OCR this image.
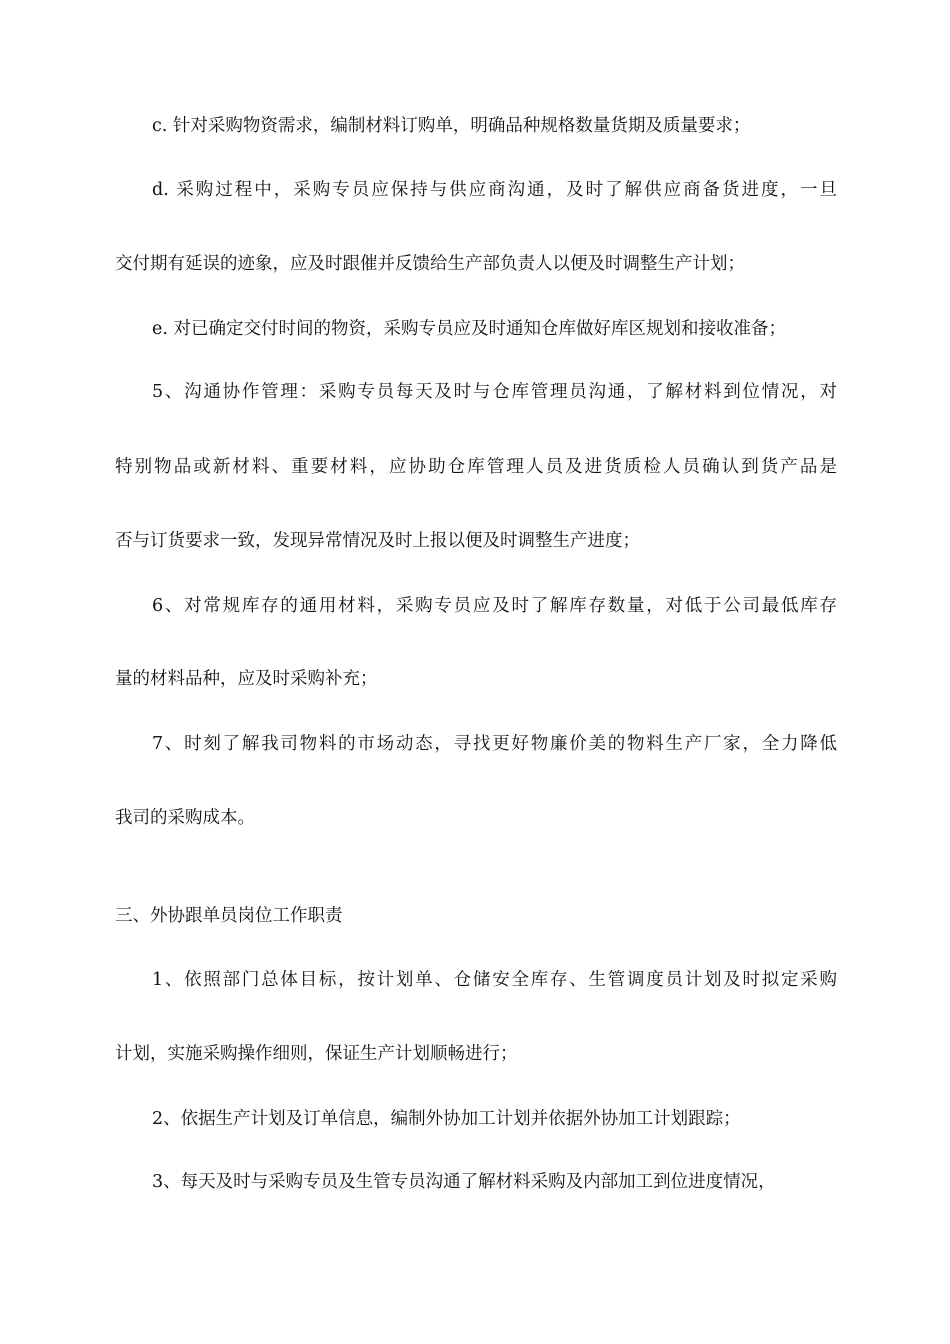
c. 针对采购物资需求，编制材料订购单，明确品种规格数量货期及质量要求；
d. 采购过程中，采购专员应保持与供应商沟通，及时了解供应商备货进度，一旦
交付期有延误的迹象，应及时跟催并反馈给生产部负责人以便及时调整生产计划；
e. 对已确定交付时间的物资，采购专员应及时通知仓库做好库区规划和接收准备；
5、沟通协作管理：采购专员每天及时与仓库管理员沟通，了解材料到位情况，对
特别物品或新材料、重要材料，应协助仓库管理人员及进货质检人员确认到货产品是
否与订货要求一致，发现异常情况及时上报以便及时调整生产进度；
6、对常规库存的通用材料，采购专员应及时了解库存数量，对低于公司最低库存
量的材料品种，应及时采购补充；
7、时刻了解我司物料的市场动态，寻找更好物廉价美的物料生产厂家，全力降低
我司的采购成本。
三、外协跟单员岗位工作职责
1、依照部门总体目标，按计划单、仓储安全库存、生管调度员计划及时拟定采购
计划，实施采购操作细则，保证生产计划顺畅进行；
2、依据生产计划及订单信息，编制外协加工计划并依据外协加工计划跟踪；
3、每天及时与采购专员及生管专员沟通了解材料采购及内部加工到位进度情况，
